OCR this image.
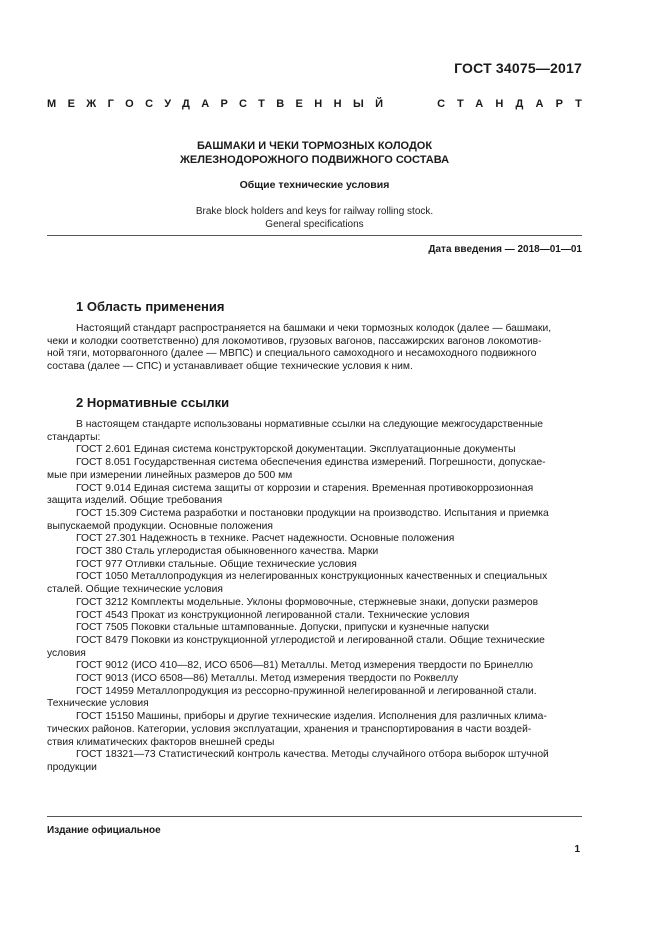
ГОСТ 34075—2017
МЕЖГОСУДАРСТВЕННЫЙ	СТАНДАРТ
БАШМАКИ И ЧЕКИ ТОРМОЗНЫХ КОЛОДОК
ЖЕЛЕЗНОДОРОЖНОГО ПОДВИЖНОГО СОСТАВА
Общие технические условия
Brake block holders and keys for railway rolling stock.
General specifications
Дата введения — 2018—01—01
1 Область применения
Настоящий стандарт распространяется на башмаки и чеки тормозных колодок (далее — башмаки,
чеки и колодки соответственно) для локомотивов, грузовых вагонов, пассажирских вагонов локомотив-
ной тяги, моторвагонного (далее — МВПС) и специального самоходного и несамоходного подвижного
состава (далее — СПС) и устанавливает общие технические условия к ним.
2 Нормативные ссылки
В настоящем стандарте использованы нормативные ссылки на следующие межгосударственные
стандарты:
ГОСТ 2.601 Единая система конструкторской документации. Эксплуатационные документы
ГОСТ 8.051 Государственная система обеспечения единства измерений. Погрешности, допускае-
мые при измерении линейных размеров до 500 мм
ГОСТ 9.014 Единая система защиты от коррозии и старения. Временная противокоррозионная
защита изделий. Общие требования
ГОСТ 15.309 Система разработки и постановки продукции на производство. Испытания и приемка
выпускаемой продукции. Основные положения
ГОСТ 27.301 Надежность в технике. Расчет надежности. Основные положения
ГОСТ 380 Сталь углеродистая обыкновенного качества. Марки
ГОСТ 977 Отливки стальные. Общие технические условия
ГОСТ 1050 Металлопродукция из нелегированных конструкционных качественных и специальных
сталей. Общие технические условия
ГОСТ 3212 Комплекты модельные. Уклоны формовочные, стержневые знаки, допуски размеров
ГОСТ 4543 Прокат из конструкционной легированной стали. Технические условия
ГОСТ 7505 Поковки стальные штампованные. Допуски, припуски и кузнечные напуски
ГОСТ 8479 Поковки из конструкционной углеродистой и легированной стали. Общие технические
условия
ГОСТ 9012 (ИСО 410—82, ИСО 6506—81) Металлы. Метод измерения твердости по Бринеллю
ГОСТ 9013 (ИСО 6508—86) Металлы. Метод измерения твердости по Роквеллу
ГОСТ 14959 Металлопродукция из рессорно-пружинной нелегированной и легированной стали.
Технические условия
ГОСТ 15150 Машины, приборы и другие технические изделия. Исполнения для различных клима-
тических районов. Категории, условия эксплуатации, хранения и транспортирования в части воздей-
ствия климатических факторов внешней среды
ГОСТ 18321—73 Статистический контроль качества. Методы случайного отбора выборок штучной
продукции
Издание официальное
1
